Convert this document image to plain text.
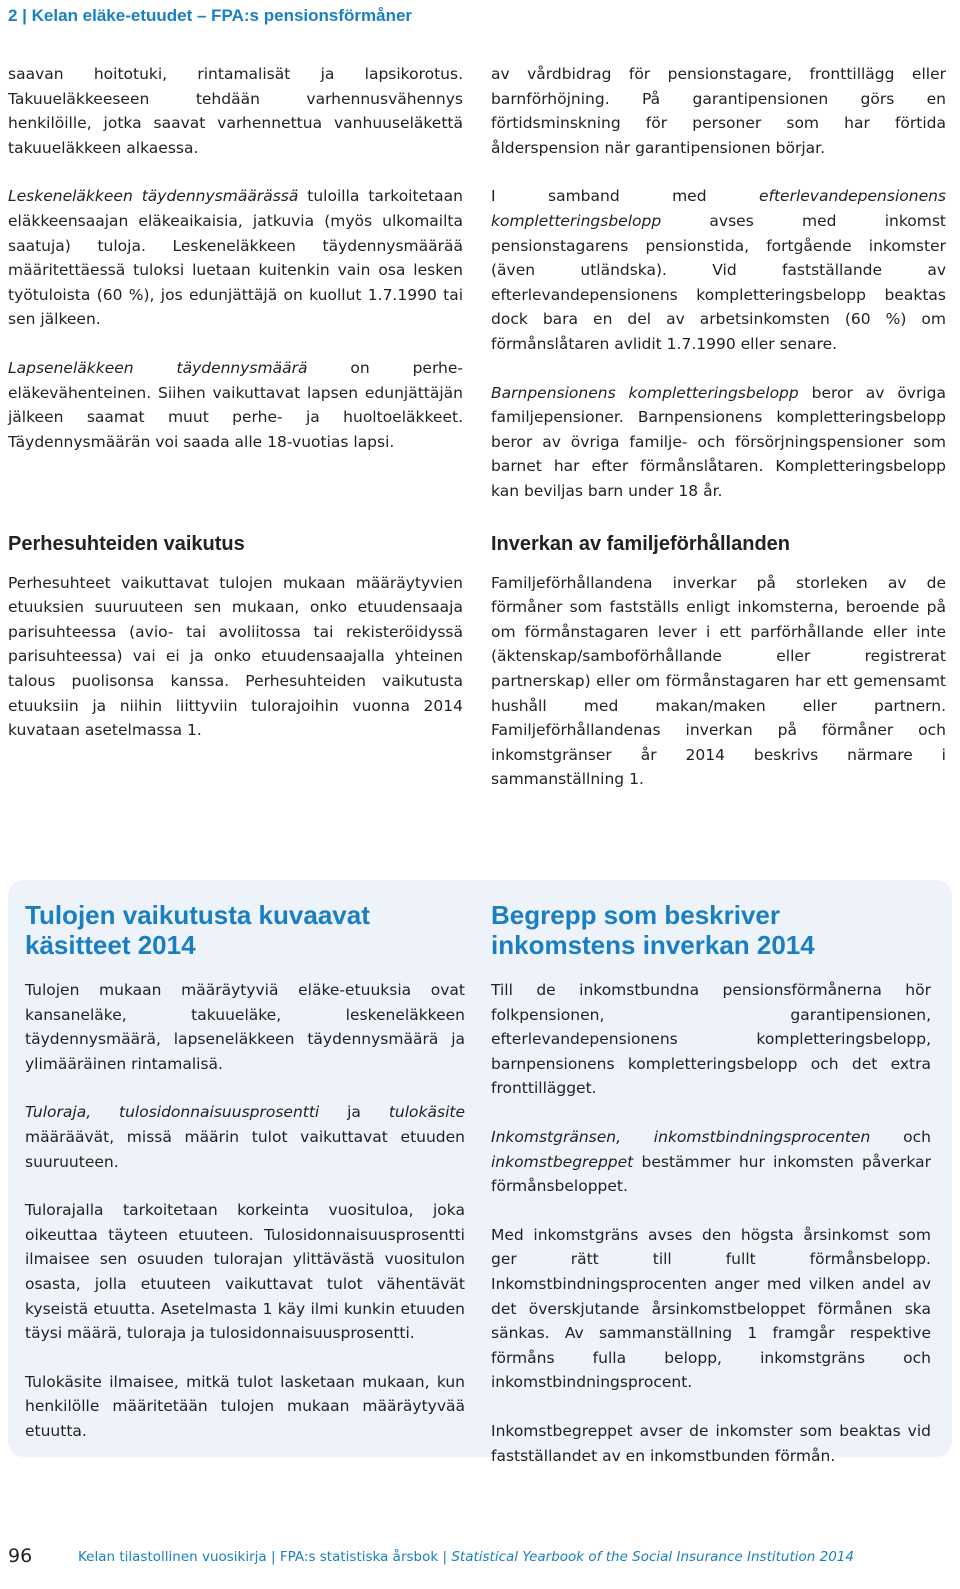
2 | Kelan eläke-etuudet – FPA:s pensionsförmåner

saavan hoitotuki, rintamalisät ja lapsikorotus. Takuueläkkeeseen tehdään varhennusvähennys henkilöille, jotka saavat varhennettua vanhuuseläkettä takuueläkkeen alkaessa.

Leskeneläkkeen täydennysmäärässä tuloilla tarkoitetaan eläkkeensaajan eläkeaikaisia, jatkuvia (myös ulkomailta saatuja) tuloja. Leskeneläkkeen täydennysmäärää määritettäessä tuloksi luetaan kuitenkin vain osa lesken työtuloista (60 %), jos edunjättäjä on kuollut 1.7.1990 tai sen jälkeen.

Lapseneläkkeen täydennysmäärä on perhe-eläkevähenteinen. Siihen vaikuttavat lapsen edunjättäjän jälkeen saamat muut perhe- ja huoltoeläkkeet. Täydennysmäärän voi saada alle 18-vuotias lapsi.

Perhesuhteiden vaikutus

Perhesuhteet vaikuttavat tulojen mukaan määräytyvien etuuksien suuruuteen sen mukaan, onko etuudensaaja parisuhteessa (avio- tai avoliitossa tai rekisteröidyssä parisuhteessa) vai ei ja onko etuudensaajalla yhteinen talous puolisonsa kanssa. Perhesuhteiden vaikutusta etuuksiin ja niihin liittyviin tulorajoihin vuonna 2014 kuvataan asetelmassa 1.

av vårdbidrag för pensionstagare, fronttillägg eller barnförhöjning. På garantipensionen görs en förtidsminskning för personer som har förtida ålderspension när garantipensionen börjar.

I samband med efterlevandepensionens kompletteringsbelopp avses med inkomst pensionstagarens pensionstida, fortgående inkomster (även utländska). Vid fastställande av efterlevandepensionens kompletteringsbelopp beaktas dock bara en del av arbetsinkomsten (60 %) om förmånslåtaren avlidit 1.7.1990 eller senare.

Barnpensionens kompletteringsbelopp beror av övriga familjepensioner. Barnpensionens kompletteringsbelopp beror av övriga familje- och försörjningspensioner som barnet har efter förmånslåtaren. Kompletteringsbelopp kan beviljas barn under 18 år.

Inverkan av familjeförhållanden

Familjeförhållandena inverkar på storleken av de förmåner som fastställs enligt inkomsterna, beroende på om förmånstagaren lever i ett parförhållande eller inte (äktenskap/samboförhållande eller registrerat partnerskap) eller om förmånstagaren har ett gemensamt hushåll med makan/maken eller partnern. Familjeförhållandenas inverkan på förmåner och inkomstgränser år 2014 beskrivs närmare i sammanställning 1.

Tulojen vaikutusta kuvaavat käsitteet 2014

Tulojen mukaan määräytyviä eläke-etuuksia ovat kansaneläke, takuueläke, leskeneläkkeen täydennysmäärä, lapseneläkkeen täydennysmäärä ja ylimääräinen rintamalisä.

Tuloraja, tulosidonnaisuusprosentti ja tulokäsite määräävät, missä määrin tulot vaikuttavat etuuden suuruuteen.

Tulorajalla tarkoitetaan korkeinta vuosituloa, joka oikeuttaa täyteen etuuteen. Tulosidonnaisuusprosentti ilmaisee sen osuuden tulorajan ylittävästä vuositulon osasta, jolla etuuteen vaikuttavat tulot vähentävät kyseistä etuutta. Asetelmasta 1 käy ilmi kunkin etuuden täysi määrä, tuloraja ja tulosidonnaisuusprosentti.

Tulokäsite ilmaisee, mitkä tulot lasketaan mukaan, kun henkilölle määritetään tulojen mukaan määräytyvää etuutta.

Begrepp som beskriver inkomstens inverkan 2014

Till de inkomstbundna pensionsförmånerna hör folkpensionen, garantipensionen, efterlevandepensionens kompletteringsbelopp, barnpensionens kompletteringsbelopp och det extra fronttillägget.

Inkomstgränsen, inkomstbindningsprocenten och inkomstbegreppet bestämmer hur inkomsten påverkar förmånsbeloppet.

Med inkomstgräns avses den högsta årsinkomst som ger rätt till fullt förmånsbelopp. Inkomstbindningsprocenten anger med vilken andel av det överskjutande årsinkomstbeloppet förmånen ska sänkas. Av sammanställning 1 framgår respektive förmåns fulla belopp, inkomstgräns och inkomstbindningsprocent.

Inkomstbegreppet avser de inkomster som beaktas vid fastställandet av en inkomstbunden förmån.

96	Kelan tilastollinen vuosikirja | FPA:s statistiska årsbok | Statistical Yearbook of the Social Insurance Institution 2014
